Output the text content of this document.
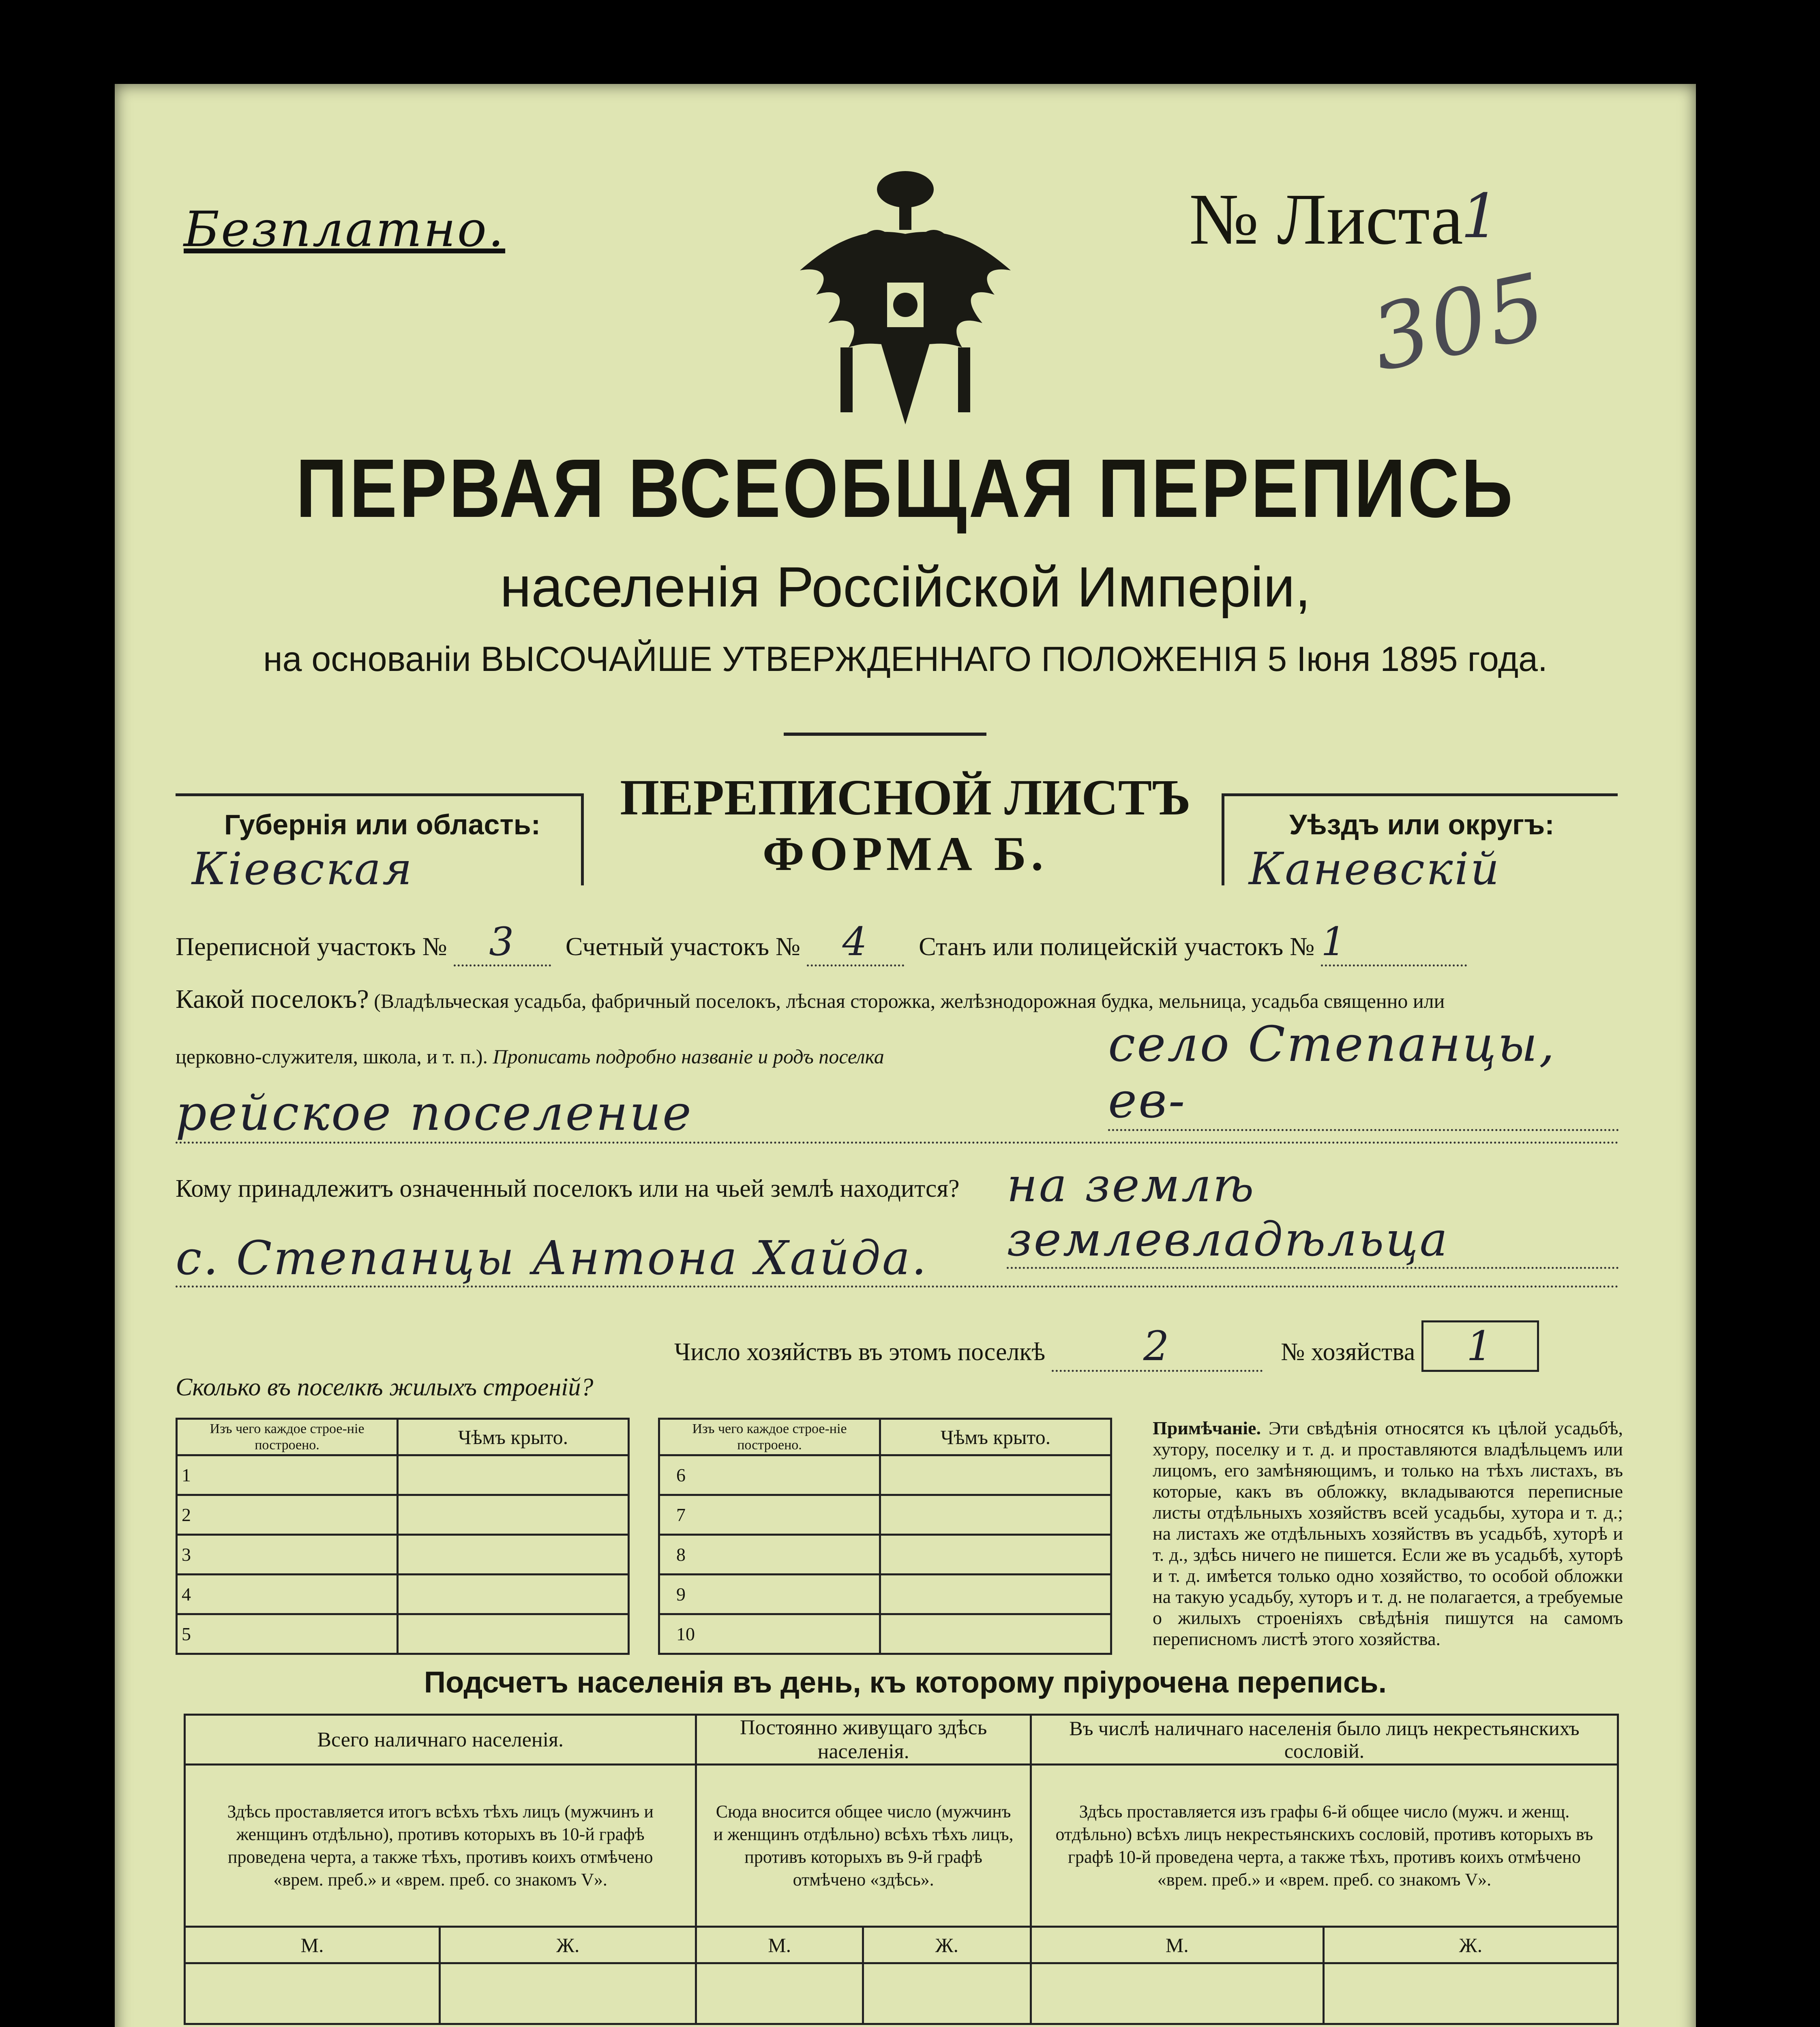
Безплатно.	№ Листа
1
305
ПЕРВАЯ ВСЕОБЩАЯ ПЕРЕПИСЬ
населенія Россійской Имперіи,
на основаніи ВЫСОЧАЙШЕ УТВЕРЖДЕННАГО ПОЛОЖЕНІЯ 5 Іюня 1895 года.
Губернія или область:
Кіевская
ПЕРЕПИСНОЙ ЛИСТЪ
ФОРМА Б.
Уѣздъ или округъ:
Каневскій
Переписной участокъ № 3 Счетный участокъ № 4 Станъ или полицейскій участокъ № 1
Какой поселокъ? (Владѣльческая усадьба, фабричный поселокъ, лѣсная сторожка, желѣзнодорожная будка, мельница, усадьба священно или
церковно-служителя, школа, и т. п.). Прописать подробно названіе и родъ поселка	село Степанцы, ев-
рейское поселение
Кому принадлежитъ означенный поселокъ или на чьей землѣ находится? на землѣ землевладѣльца
с. Степанцы Антона Хайда.
Число хозяйствъ въ этомъ поселкѣ 2	№ хозяйства 1
Сколько въ поселкѣ жилыхъ строеній?
Изъ чего каждое строе-ніе построено.	Чѣмъ крыто.
1	
2	
3	
4	
5	
Изъ чего каждое строе-ніе построено.	Чѣмъ крыто.
6	
7	
8	
9	
10	
Примѣчаніе. Эти свѣдѣнія относятся къ цѣлой усадьбѣ, хутору, поселку и т. д. и проставляются владѣльцемъ или лицомъ, его замѣняющимъ, и только на тѣхъ листахъ, въ которые, какъ въ обложку, вкладываются переписные листы отдѣльныхъ хозяйствъ всей усадьбы, хутора и т. д.; на листахъ же отдѣльныхъ хозяйствъ въ усадьбѣ, хуторѣ и т. д., здѣсь ничего не пишется. Если же въ усадьбѣ, хуторѣ и т. д. имѣется только одно хозяйство, то особой обложки на такую усадьбу, хуторъ и т. д. не полагается, а требуемые о жилыхъ строеніяхъ свѣдѣнія пишутся на самомъ переписномъ листѣ этого хозяйства.
Подсчетъ населенія въ день, къ которому пріурочена перепись.
Всего наличнаго населенія.		Постоянно живущаго здѣсь населенія.		Въ числѣ наличнаго населенія было лицъ некрестьянскихъ сословій.	
Здѣсь проставляется итогъ всѣхъ тѣхъ лицъ (мужчинъ и женщинъ отдѣльно), противъ которыхъ въ 10-й графѣ проведена черта, а также тѣхъ, противъ коихъ отмѣчено «врем. преб.» и «врем. преб. со знакомъ V».		Сюда вносится общее число (мужчинъ и женщинъ отдѣльно) всѣхъ тѣхъ лицъ, противъ которыхъ въ 9-й графѣ отмѣчено «здѣсь».		Здѣсь проставляется изъ графы 6-й общее число (мужч. и женщ. отдѣльно) всѣхъ лицъ некрестьянскихъ сословій, противъ которыхъ въ графѣ 10-й проведена черта, а также тѣхъ, противъ коихъ отмѣчено «врем. преб.» и «врем. преб. со знакомъ V».	
М.	Ж.	М.	Ж.	М.	Ж.
